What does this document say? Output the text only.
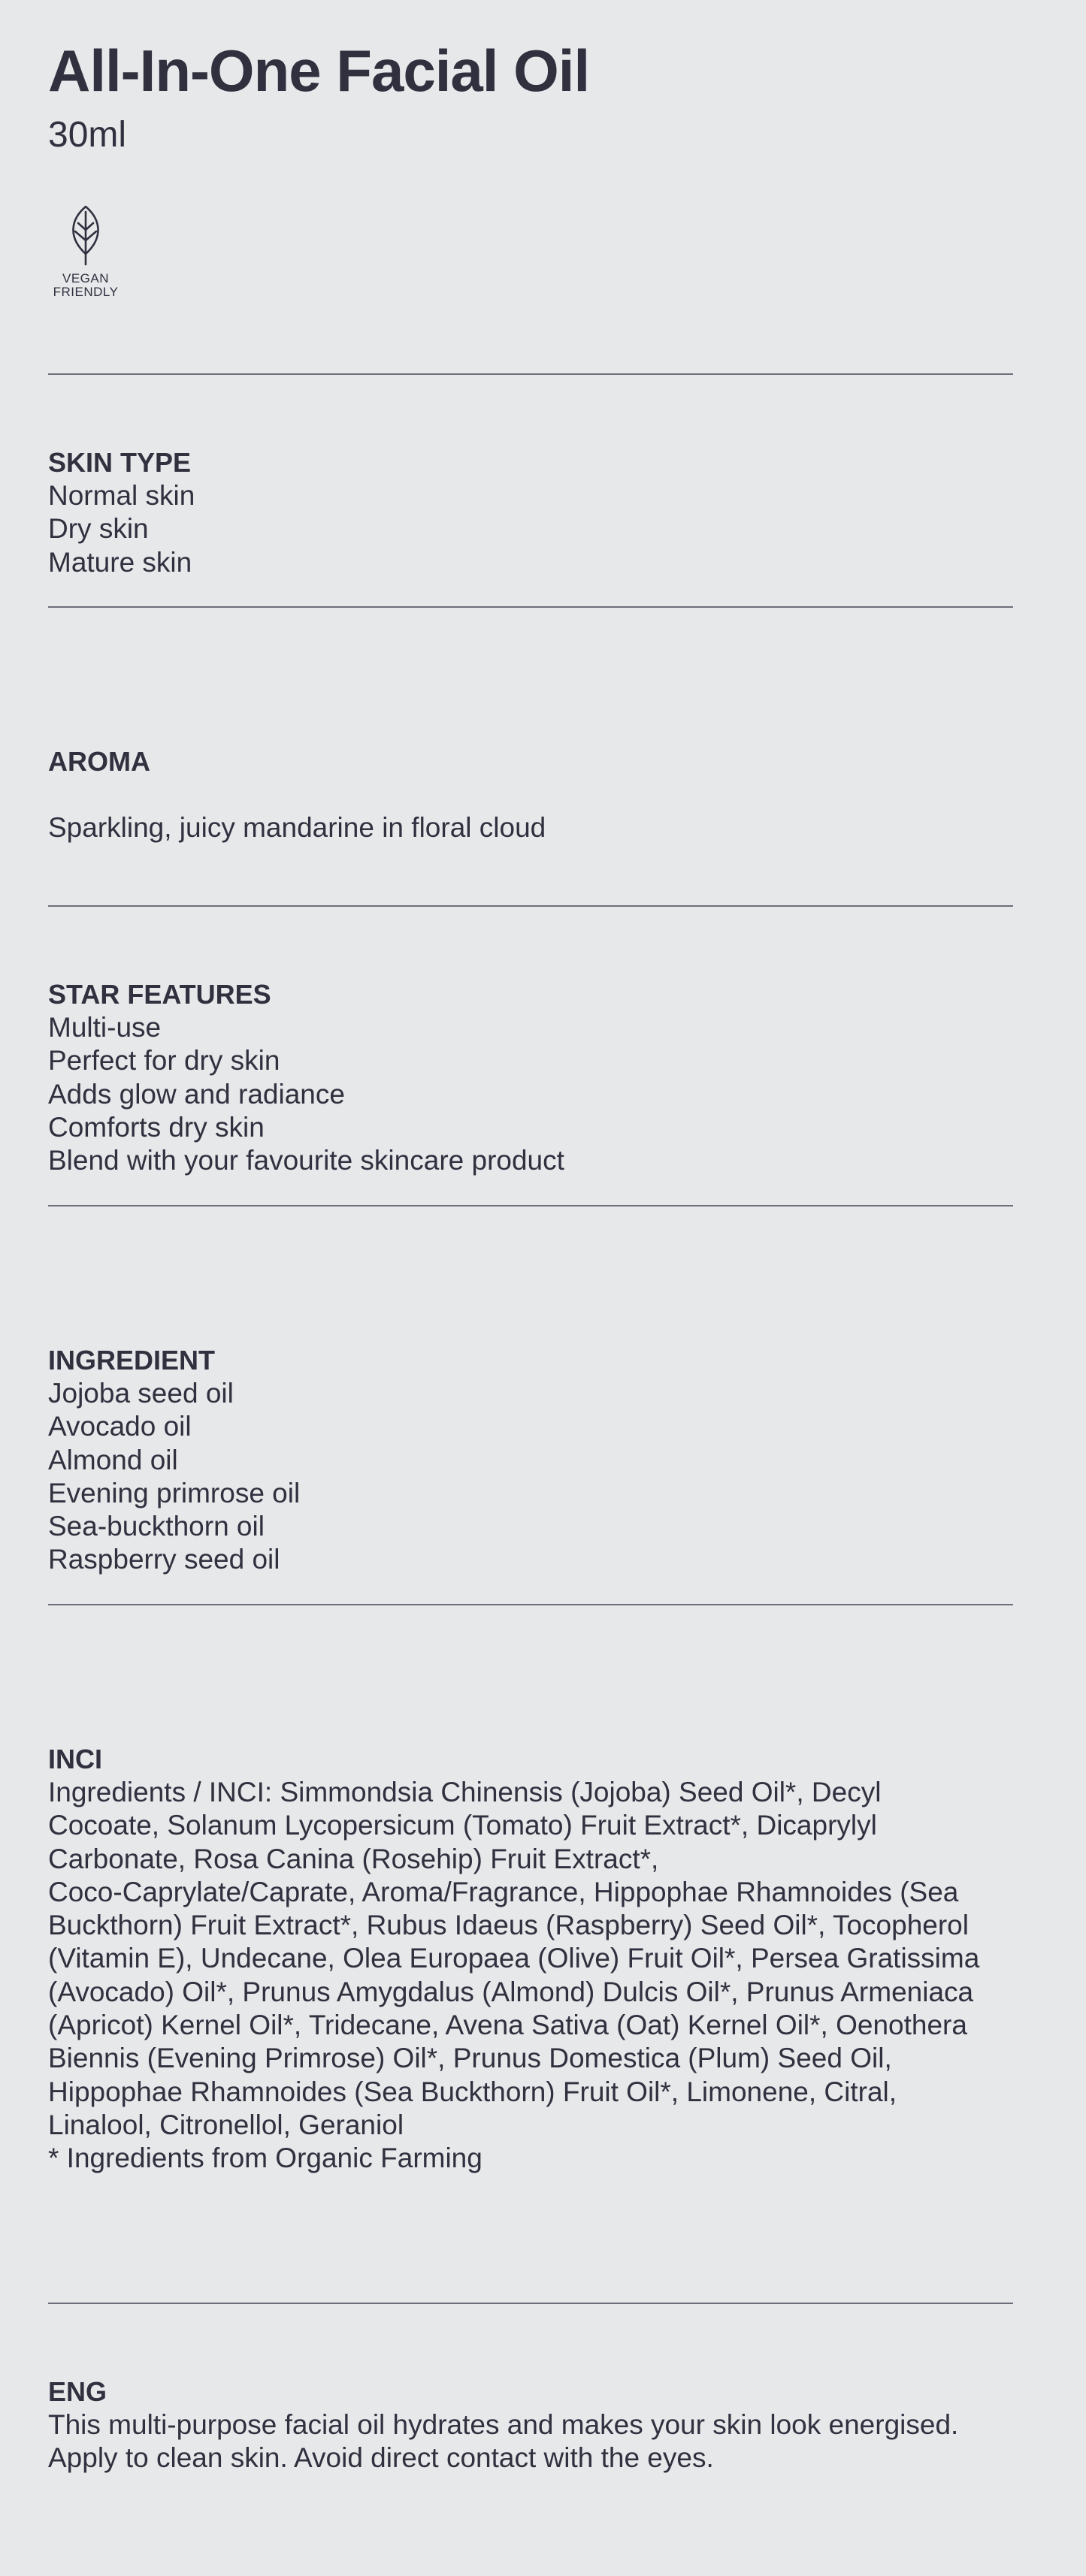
All-In-One Facial Oil
30ml
VEGAN
FRIENDLY
SKIN TYPE
Normal skin
Dry skin
Mature skin
AROMA
Sparkling, juicy mandarine in floral cloud
STAR FEATURES
Multi-use
Perfect for dry skin
Adds glow and radiance
Comforts dry skin
Blend with your favourite skincare product
INGREDIENT
Jojoba seed oil
Avocado oil
Almond oil
Evening primrose oil
Sea-buckthorn oil
Raspberry seed oil
INCI
Ingredients / INCI: Simmondsia Chinensis (Jojoba) Seed Oil*, Decyl
Cocoate, Solanum Lycopersicum (Tomato) Fruit Extract*, Dicaprylyl
Carbonate, Rosa Canina (Rosehip) Fruit Extract*,
Coco-Caprylate/Caprate, Aroma/Fragrance, Hippophae Rhamnoides (Sea
Buckthorn) Fruit Extract*, Rubus Idaeus (Raspberry) Seed Oil*, Tocopherol
(Vitamin E), Undecane, Olea Europaea (Olive) Fruit Oil*, Persea Gratissima
(Avocado) Oil*, Prunus Amygdalus (Almond) Dulcis Oil*, Prunus Armeniaca
(Apricot) Kernel Oil*, Tridecane, Avena Sativa (Oat) Kernel Oil*, Oenothera
Biennis (Evening Primrose) Oil*, Prunus Domestica (Plum) Seed Oil,
Hippophae Rhamnoides (Sea Buckthorn) Fruit Oil*, Limonene, Citral,
Linalool, Citronellol, Geraniol
* Ingredients from Organic Farming
ENG
This multi-purpose facial oil hydrates and makes your skin look energised.
Apply to clean skin. Avoid direct contact with the eyes.
